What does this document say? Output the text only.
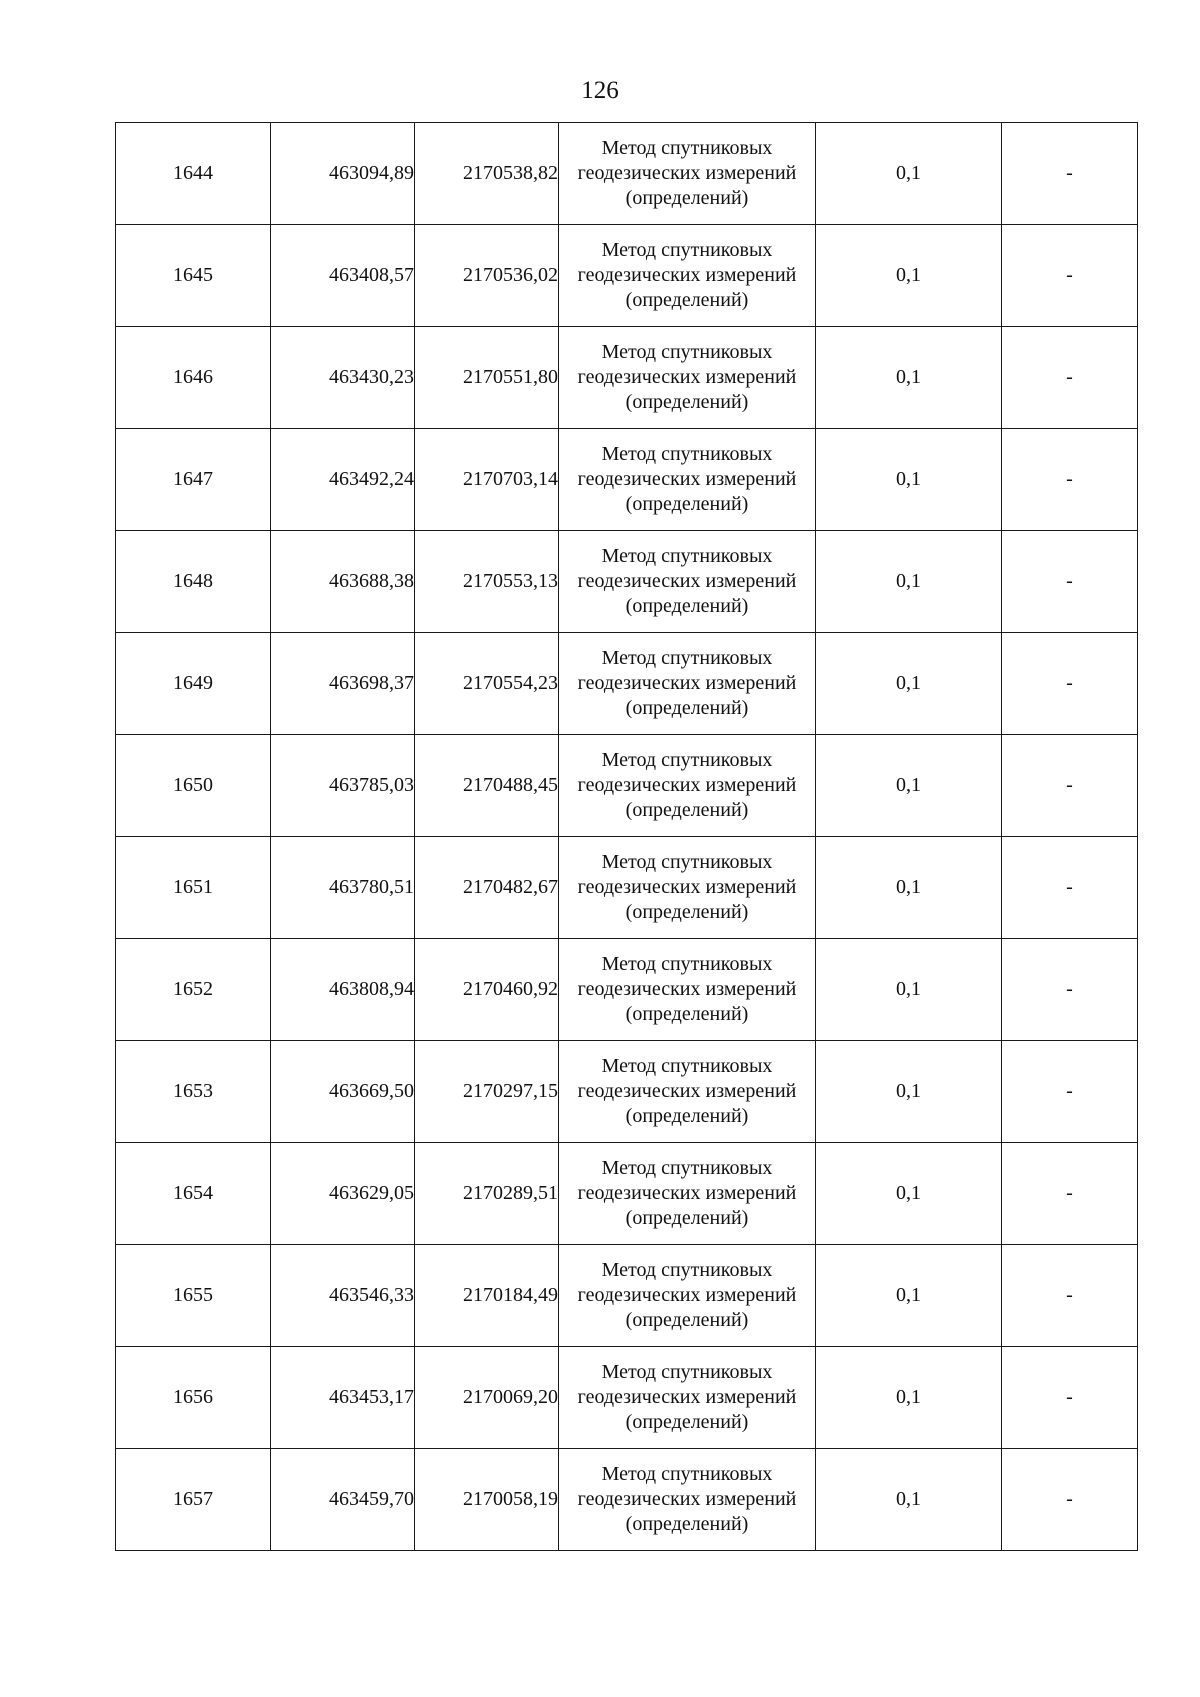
126
1644	463094,89	2170538,82	Метод спутниковых
геодезических измерений
(определений)	0,1	-
1645	463408,57	2170536,02	Метод спутниковых
геодезических измерений
(определений)	0,1	-
1646	463430,23	2170551,80	Метод спутниковых
геодезических измерений
(определений)	0,1	-
1647	463492,24	2170703,14	Метод спутниковых
геодезических измерений
(определений)	0,1	-
1648	463688,38	2170553,13	Метод спутниковых
геодезических измерений
(определений)	0,1	-
1649	463698,37	2170554,23	Метод спутниковых
геодезических измерений
(определений)	0,1	-
1650	463785,03	2170488,45	Метод спутниковых
геодезических измерений
(определений)	0,1	-
1651	463780,51	2170482,67	Метод спутниковых
геодезических измерений
(определений)	0,1	-
1652	463808,94	2170460,92	Метод спутниковых
геодезических измерений
(определений)	0,1	-
1653	463669,50	2170297,15	Метод спутниковых
геодезических измерений
(определений)	0,1	-
1654	463629,05	2170289,51	Метод спутниковых
геодезических измерений
(определений)	0,1	-
1655	463546,33	2170184,49	Метод спутниковых
геодезических измерений
(определений)	0,1	-
1656	463453,17	2170069,20	Метод спутниковых
геодезических измерений
(определений)	0,1	-
1657	463459,70	2170058,19	Метод спутниковых
геодезических измерений
(определений)	0,1	-
